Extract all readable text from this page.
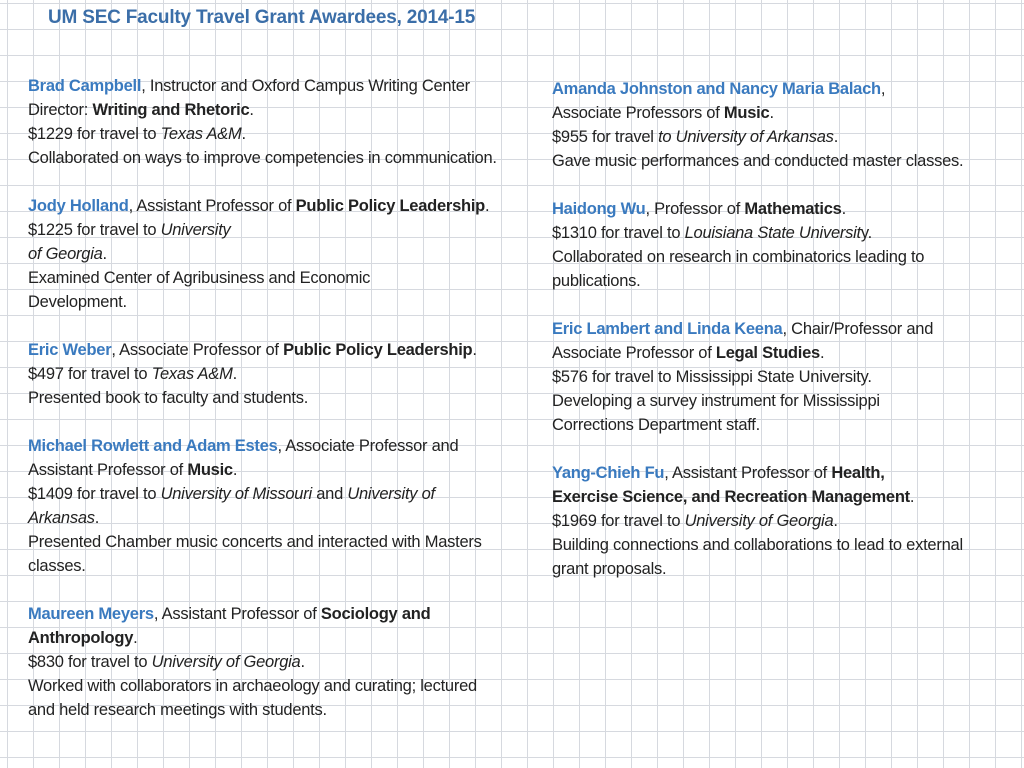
UM SEC Faculty Travel Grant Awardees, 2014-15
Brad Campbell, Instructor and Oxford Campus Writing Center Director: Writing and Rhetoric.
$1229 for travel to Texas A&M.
Collaborated on ways to improve competencies in communication.
Jody Holland, Assistant Professor of Public Policy Leadership.
$1225 for travel to University
of Georgia.
Examined Center of Agribusiness and Economic Development.
Eric Weber, Associate Professor of Public Policy Leadership.
$497 for travel to Texas A&M.
Presented book to faculty and students.
Michael Rowlett and Adam Estes, Associate Professor and Assistant Professor of Music.
$1409 for travel to University of Missouri and University of Arkansas.
Presented Chamber music concerts and interacted with Masters classes.
Maureen Meyers, Assistant Professor of Sociology and Anthropology.
$830 for travel to University of Georgia.
Worked with collaborators in archaeology and curating; lectured and held research meetings with students.
Amanda Johnston and Nancy Maria Balach,
Associate Professors of Music.
$955 for travel to University of Arkansas.
Gave music performances and conducted master classes.
Haidong Wu, Professor of Mathematics.
$1310 for travel to Louisiana State University.
Collaborated on research in combinatorics leading to publications.
Eric Lambert and Linda Keena, Chair/Professor and Associate Professor of Legal Studies.
$576 for travel to Mississippi State University.
Developing a survey instrument for Mississippi Corrections Department staff.
Yang-Chieh Fu, Assistant Professor of Health, Exercise Science, and Recreation Management.
$1969 for travel to University of Georgia.
Building connections and collaborations to lead to external grant proposals.
